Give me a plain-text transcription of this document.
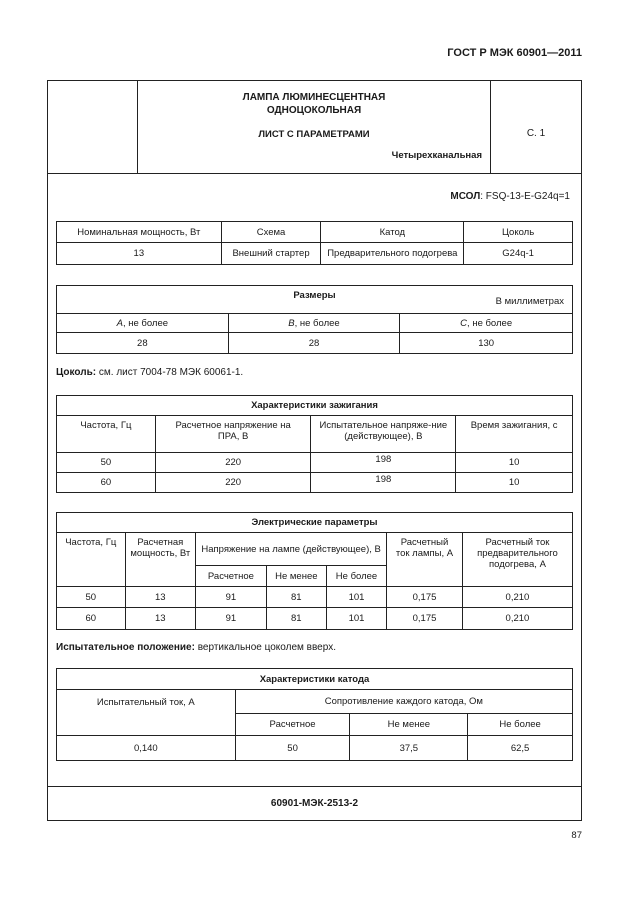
ГОСТ Р МЭК 60901—2011
ЛАМПА ЛЮМИНЕСЦЕНТНАЯ
ОДНОЦОКОЛЬНАЯ
ЛИСТ С ПАРАМЕТРАМИ
Четырехканальная
С. 1
МСОЛ: FSQ-13-E-G24q=1
Номинальная мощность, Вт	Схема	Катод	Цоколь
13	Внешний стартер	Предварительного подогрева	G24q-1
Размеры
В миллиметрах		

A, не более	B, не более	C, не более
28	28	130
Цоколь: см. лист 7004-78 МЭК 60061-1.
Характеристики зажигания			
Частота, Гц	Расчетное напряжение на ПРА, В	Испытательное напряже-ние (действующее), В	Время зажигания, с
50	220	198	10
60	220	198	10
Электрические параметры						
Частота, Гц	Расчетная мощность, Вт	Напряжение на лампе (действующее), В			Расчетный ток лампы, А	Расчетный ток предварительного подогрева, А
		Расчетное	Не менее	Не более		
50	13	91	81	101	0,175	0,210
60	13	91	81	101	0,175	0,210
Испытательное положение: вертикальное цоколем вверх.
Характеристики катода			
Испытательный ток, А	Сопротивление каждого катода, Ом		
	Расчетное	Не менее	Не более
0,140	50	37,5	62,5
60901-МЭК-2513-2
87
